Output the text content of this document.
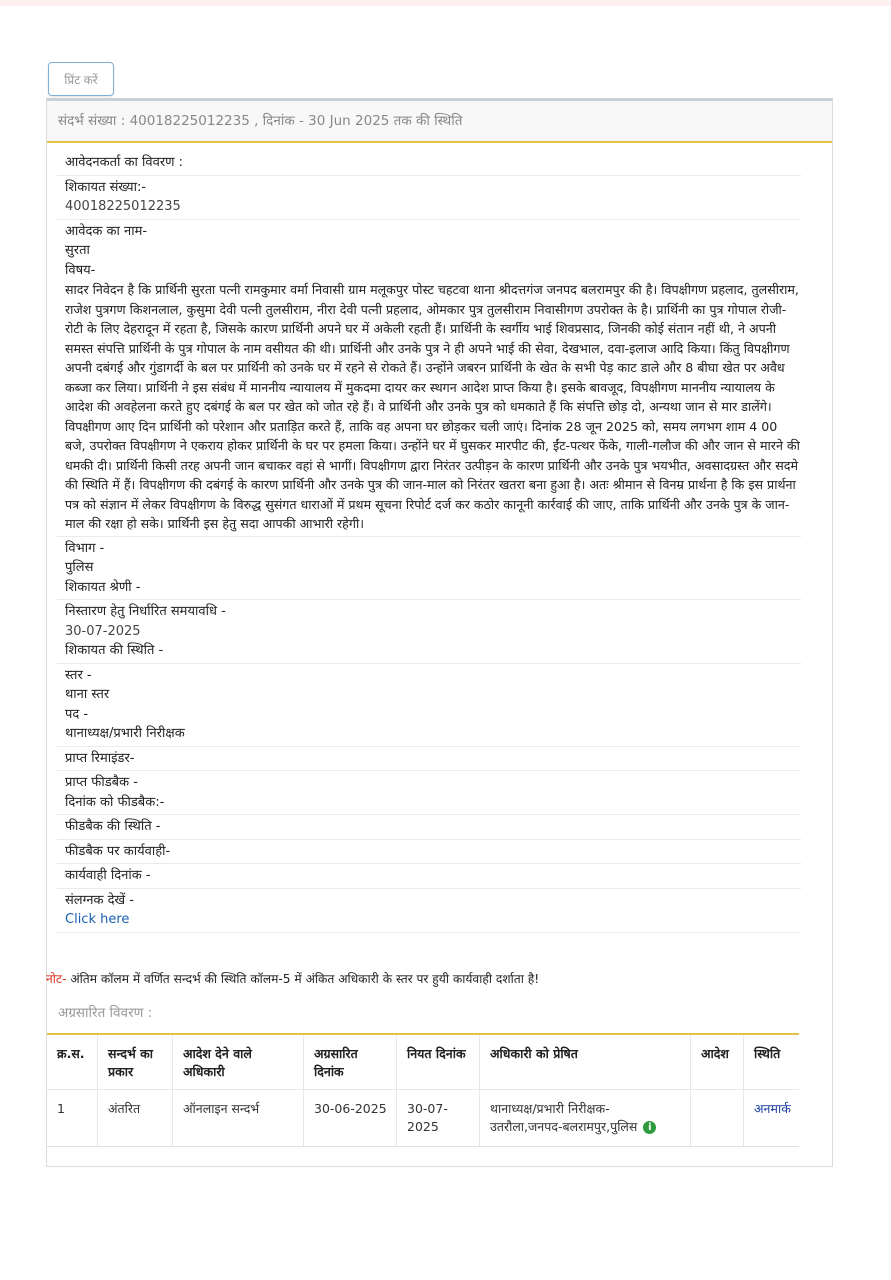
प्रिंट करें
संदर्भ संख्या : 40018225012235 , दिनांक - 30 Jun 2025 तक की स्थिति
आवेदनकर्ता का विवरण :
शिकायत संख्या:-
40018225012235
आवेदक का नाम-
सुरता
विषय-
सादर निवेदन है कि प्रार्थिनी सुरता पत्नी रामकुमार वर्मा निवासी ग्राम मलूकपुर पोस्ट चहटवा थाना श्रीदत्तगंज जनपद बलरामपुर की है। विपक्षीगण प्रहलाद, तुलसीराम, राजेश पुत्रगण किशनलाल, कुसुमा देवी पत्नी तुलसीराम, नीरा देवी पत्नी प्रहलाद, ओमकार पुत्र तुलसीराम निवासीगण उपरोक्त के है। प्रार्थिनी का पुत्र गोपाल रोजी-रोटी के लिए देहरादून में रहता है, जिसके कारण प्रार्थिनी अपने घर में अकेली रहती हैं। प्रार्थिनी के स्वर्गीय भाई शिवप्रसाद, जिनकी कोई संतान नहीं थी, ने अपनी समस्त संपत्ति प्रार्थिनी के पुत्र गोपाल के नाम वसीयत की थी। प्रार्थिनी और उनके पुत्र ने ही अपने भाई की सेवा, देखभाल, दवा-इलाज आदि किया। किंतु विपक्षीगण अपनी दबंगई और गुंडागर्दी के बल पर प्रार्थिनी को उनके घर में रहने से रोकते हैं। उन्होंने जबरन प्रार्थिनी के खेत के सभी पेड़ काट डाले और 8 बीघा खेत पर अवैध कब्जा कर लिया। प्रार्थिनी ने इस संबंध में माननीय न्यायालय में मुकदमा दायर कर स्थगन आदेश प्राप्त किया है। इसके बावजूद, विपक्षीगण माननीय न्यायालय के आदेश की अवहेलना करते हुए दबंगई के बल पर खेत को जोत रहे हैं। वे प्रार्थिनी और उनके पुत्र को धमकाते हैं कि संपत्ति छोड़ दो, अन्यथा जान से मार डालेंगे। विपक्षीगण आए दिन प्रार्थिनी को परेशान और प्रताड़ित करते हैं, ताकि वह अपना घर छोड़कर चली जाएं। दिनांक 28 जून 2025 को, समय लगभग शाम 4 00 बजे, उपरोक्त विपक्षीगण ने एकराय होकर प्रार्थिनी के घर पर हमला किया। उन्होंने घर में घुसकर मारपीट की, ईंट-पत्थर फेंके, गाली-गलौज की और जान से मारने की धमकी दी। प्रार्थिनी किसी तरह अपनी जान बचाकर वहां से भागीं। विपक्षीगण द्वारा निरंतर उत्पीड़न के कारण प्रार्थिनी और उनके पुत्र भयभीत, अवसादग्रस्त और सदमे की स्थिति में हैं। विपक्षीगण की दबंगई के कारण प्रार्थिनी और उनके पुत्र की जान-माल को निरंतर खतरा बना हुआ है। अतः श्रीमान से विनम्र प्रार्थना है कि इस प्रार्थना पत्र को संज्ञान में लेकर विपक्षीगण के विरुद्ध सुसंगत धाराओं में प्रथम सूचना रिपोर्ट दर्ज कर कठोर कानूनी कार्रवाई की जाए, ताकि प्रार्थिनी और उनके पुत्र के जान-माल की रक्षा हो सके। प्रार्थिनी इस हेतु सदा आपकी आभारी रहेगी।
विभाग -
पुलिस
शिकायत श्रेणी -
निस्तारण हेतु निर्धारित समयावधि -
30-07-2025
शिकायत की स्थिति -
स्तर -
थाना स्तर
पद -
थानाध्यक्ष/प्रभारी निरीक्षक
प्राप्त रिमाइंडर-
प्राप्त फीडबैक -
दिनांक को फीडबैक:-
फीडबैक की स्थिति -
फीडबैक पर कार्यवाही-
कार्यवाही दिनांक -
संलग्नक देखें -
Click here
नोट- अंतिम कॉलम में वर्णित सन्दर्भ की स्थिति कॉलम-5 में अंकित अधिकारी के स्तर पर हुयी कार्यवाही दर्शाता है!
अग्रसारित विवरण :
क्र.स.	सन्दर्भ का प्रकार	आदेश देने वाले अधिकारी	अग्रसारित दिनांक	नियत दिनांक	अधिकारी को प्रेषित	आदेश	स्थिति
1	अंतरित	ऑनलाइन सन्दर्भ	30-06-2025	30-07-2025	थानाध्यक्ष/प्रभारी निरीक्षक-उतरौला,जनपद-बलरामपुर,पुलिस i		अनमार्क
